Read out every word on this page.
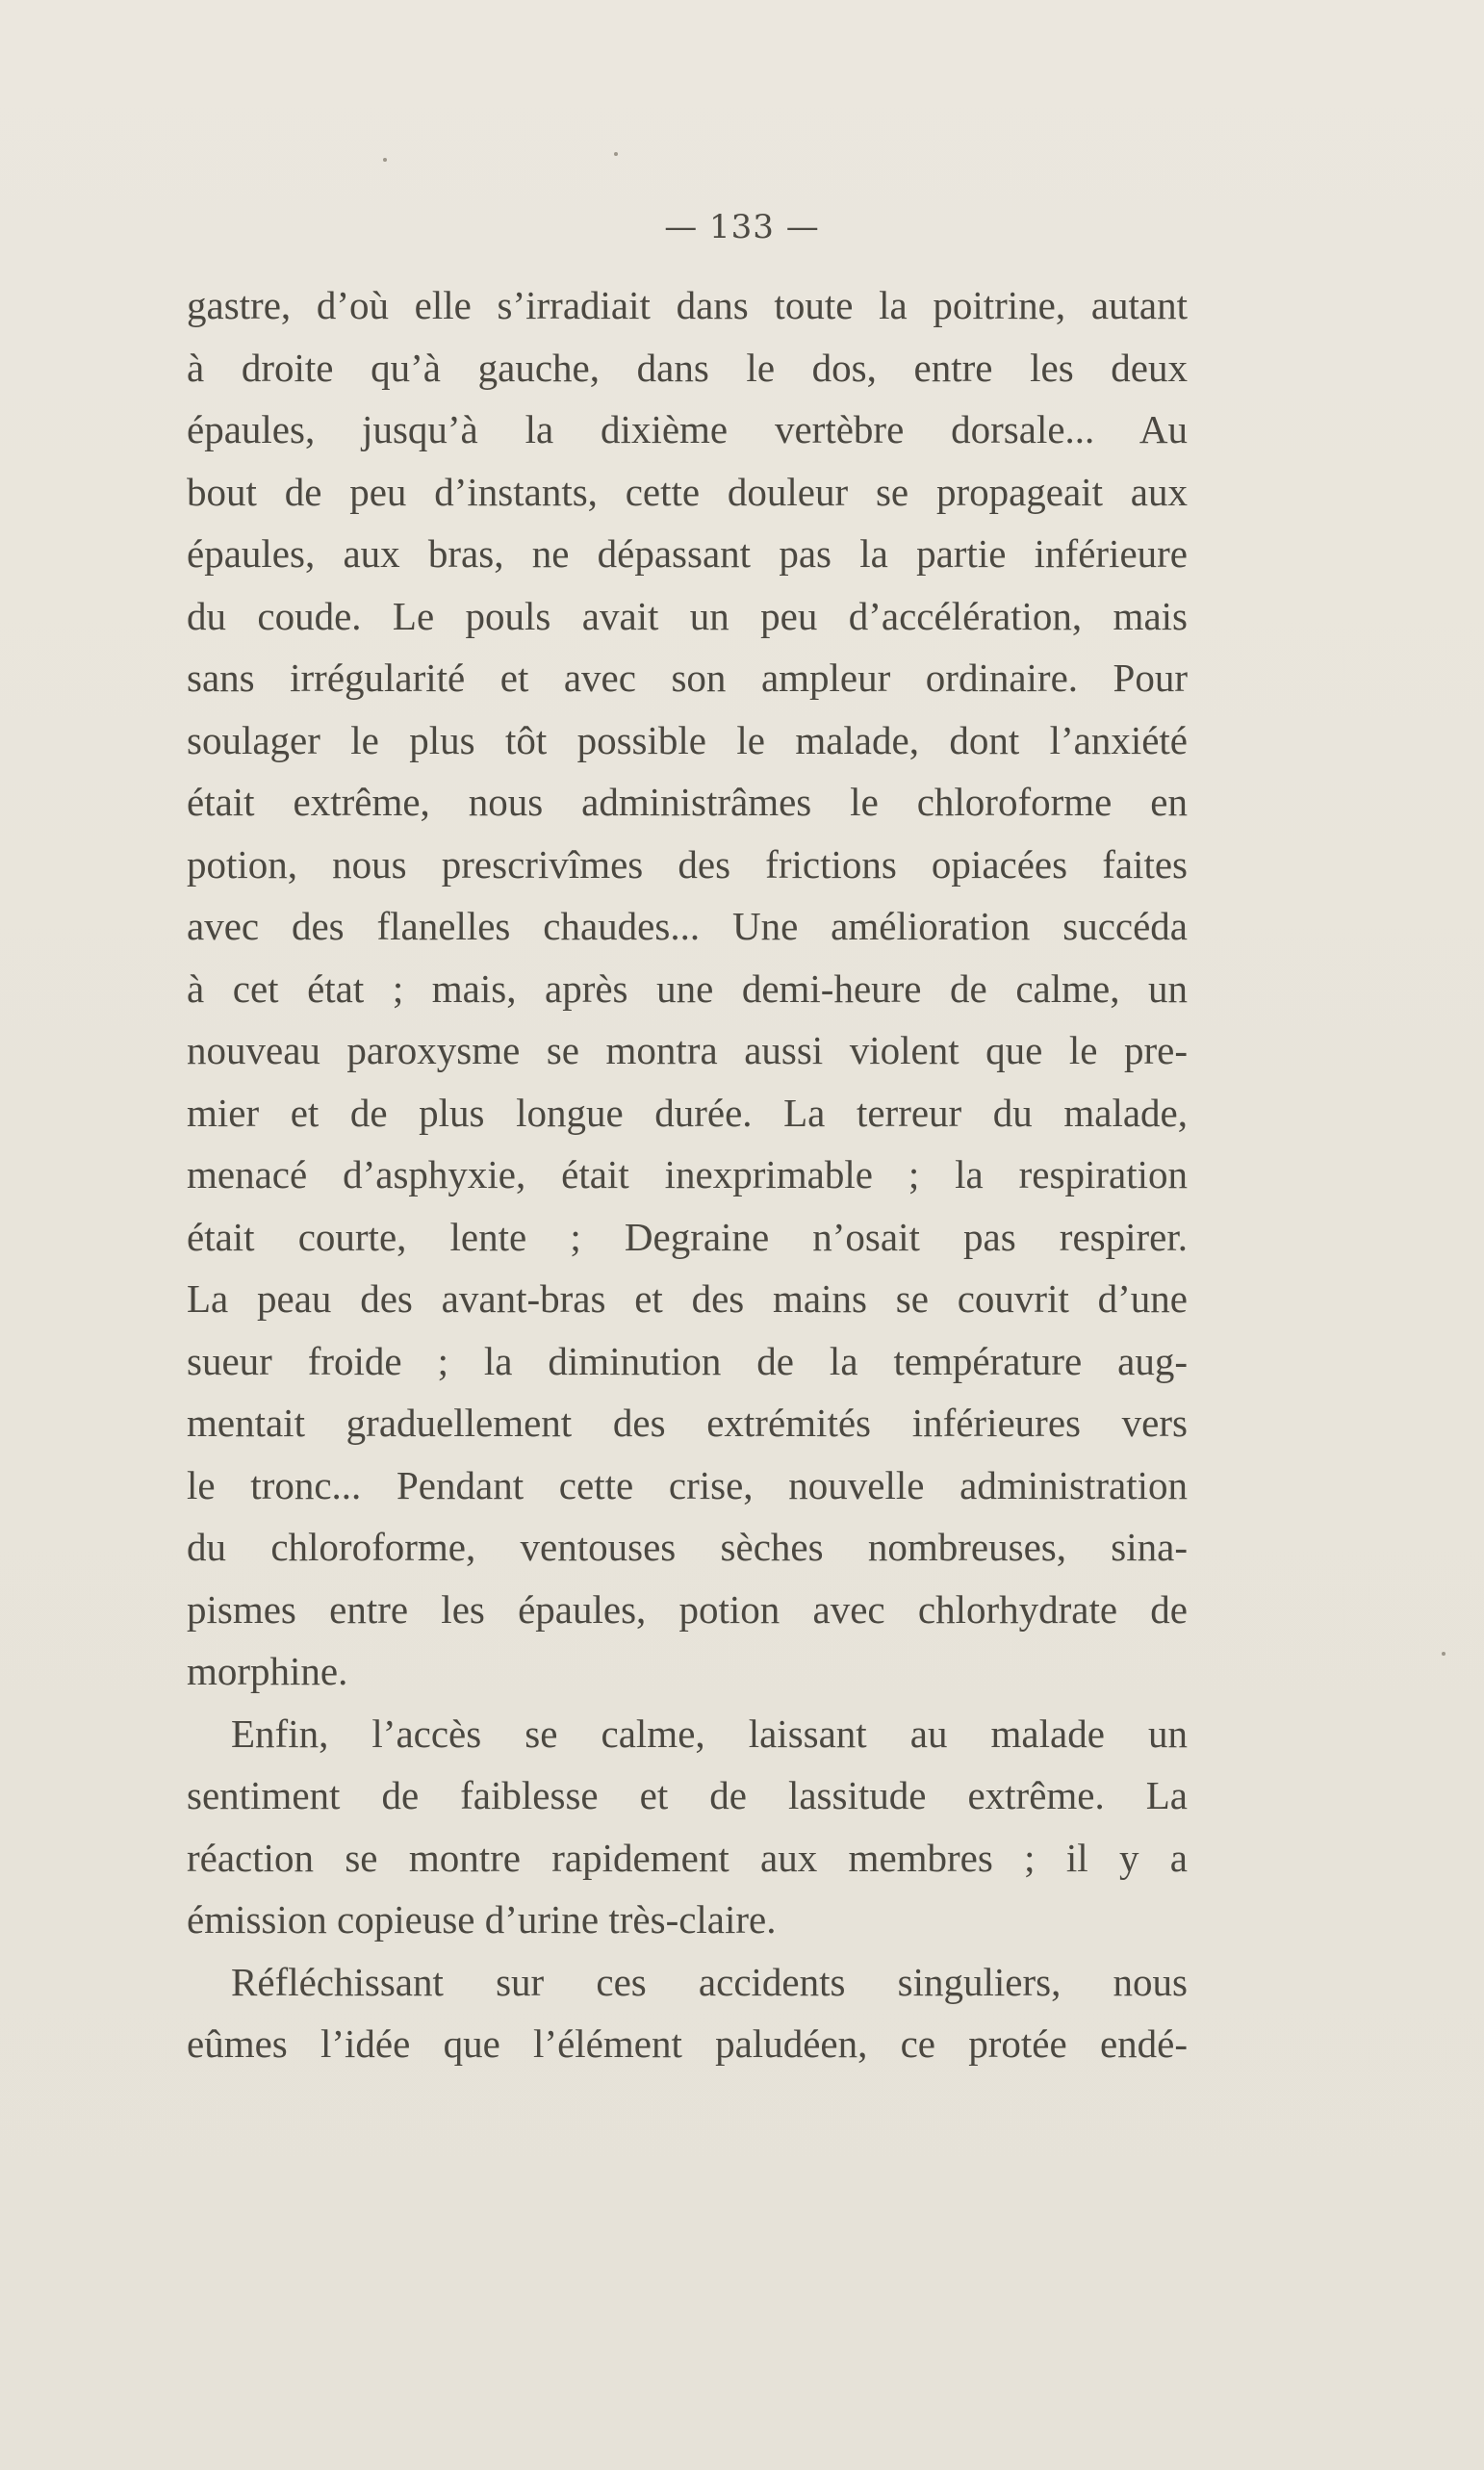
— 133 —
gastre, d’où elle s’irradiait dans toute la poitrine, autant
à droite qu’à gauche, dans le dos, entre les deux
épaules, jusqu’à la dixième vertèbre dorsale... Au
bout de peu d’instants, cette douleur se propageait aux
épaules, aux bras, ne dépassant pas la partie inférieure
du coude. Le pouls avait un peu d’accélération, mais
sans irrégularité et avec son ampleur ordinaire. Pour
soulager le plus tôt possible le malade, dont l’anxiété
était extrême, nous administrâmes le chloroforme en
potion, nous prescrivîmes des frictions opiacées faites
avec des flanelles chaudes... Une amélioration succéda
à cet état ; mais, après une demi-heure de calme, un
nouveau paroxysme se montra aussi violent que le pre-
mier et de plus longue durée. La terreur du malade,
menacé d’asphyxie, était inexprimable ; la respiration
était courte, lente ; Degraine n’osait pas respirer.
La peau des avant-bras et des mains se couvrit d’une
sueur froide ; la diminution de la température aug-
mentait graduellement des extrémités inférieures vers
le tronc... Pendant cette crise, nouvelle administration
du chloroforme, ventouses sèches nombreuses, sina-
pismes entre les épaules, potion avec chlorhydrate de
morphine.
Enfin, l’accès se calme, laissant au malade un
sentiment de faiblesse et de lassitude extrême. La
réaction se montre rapidement aux membres ; il y a
émission copieuse d’urine très-claire.
Réfléchissant sur ces accidents singuliers, nous
eûmes l’idée que l’élément paludéen, ce protée endé-
